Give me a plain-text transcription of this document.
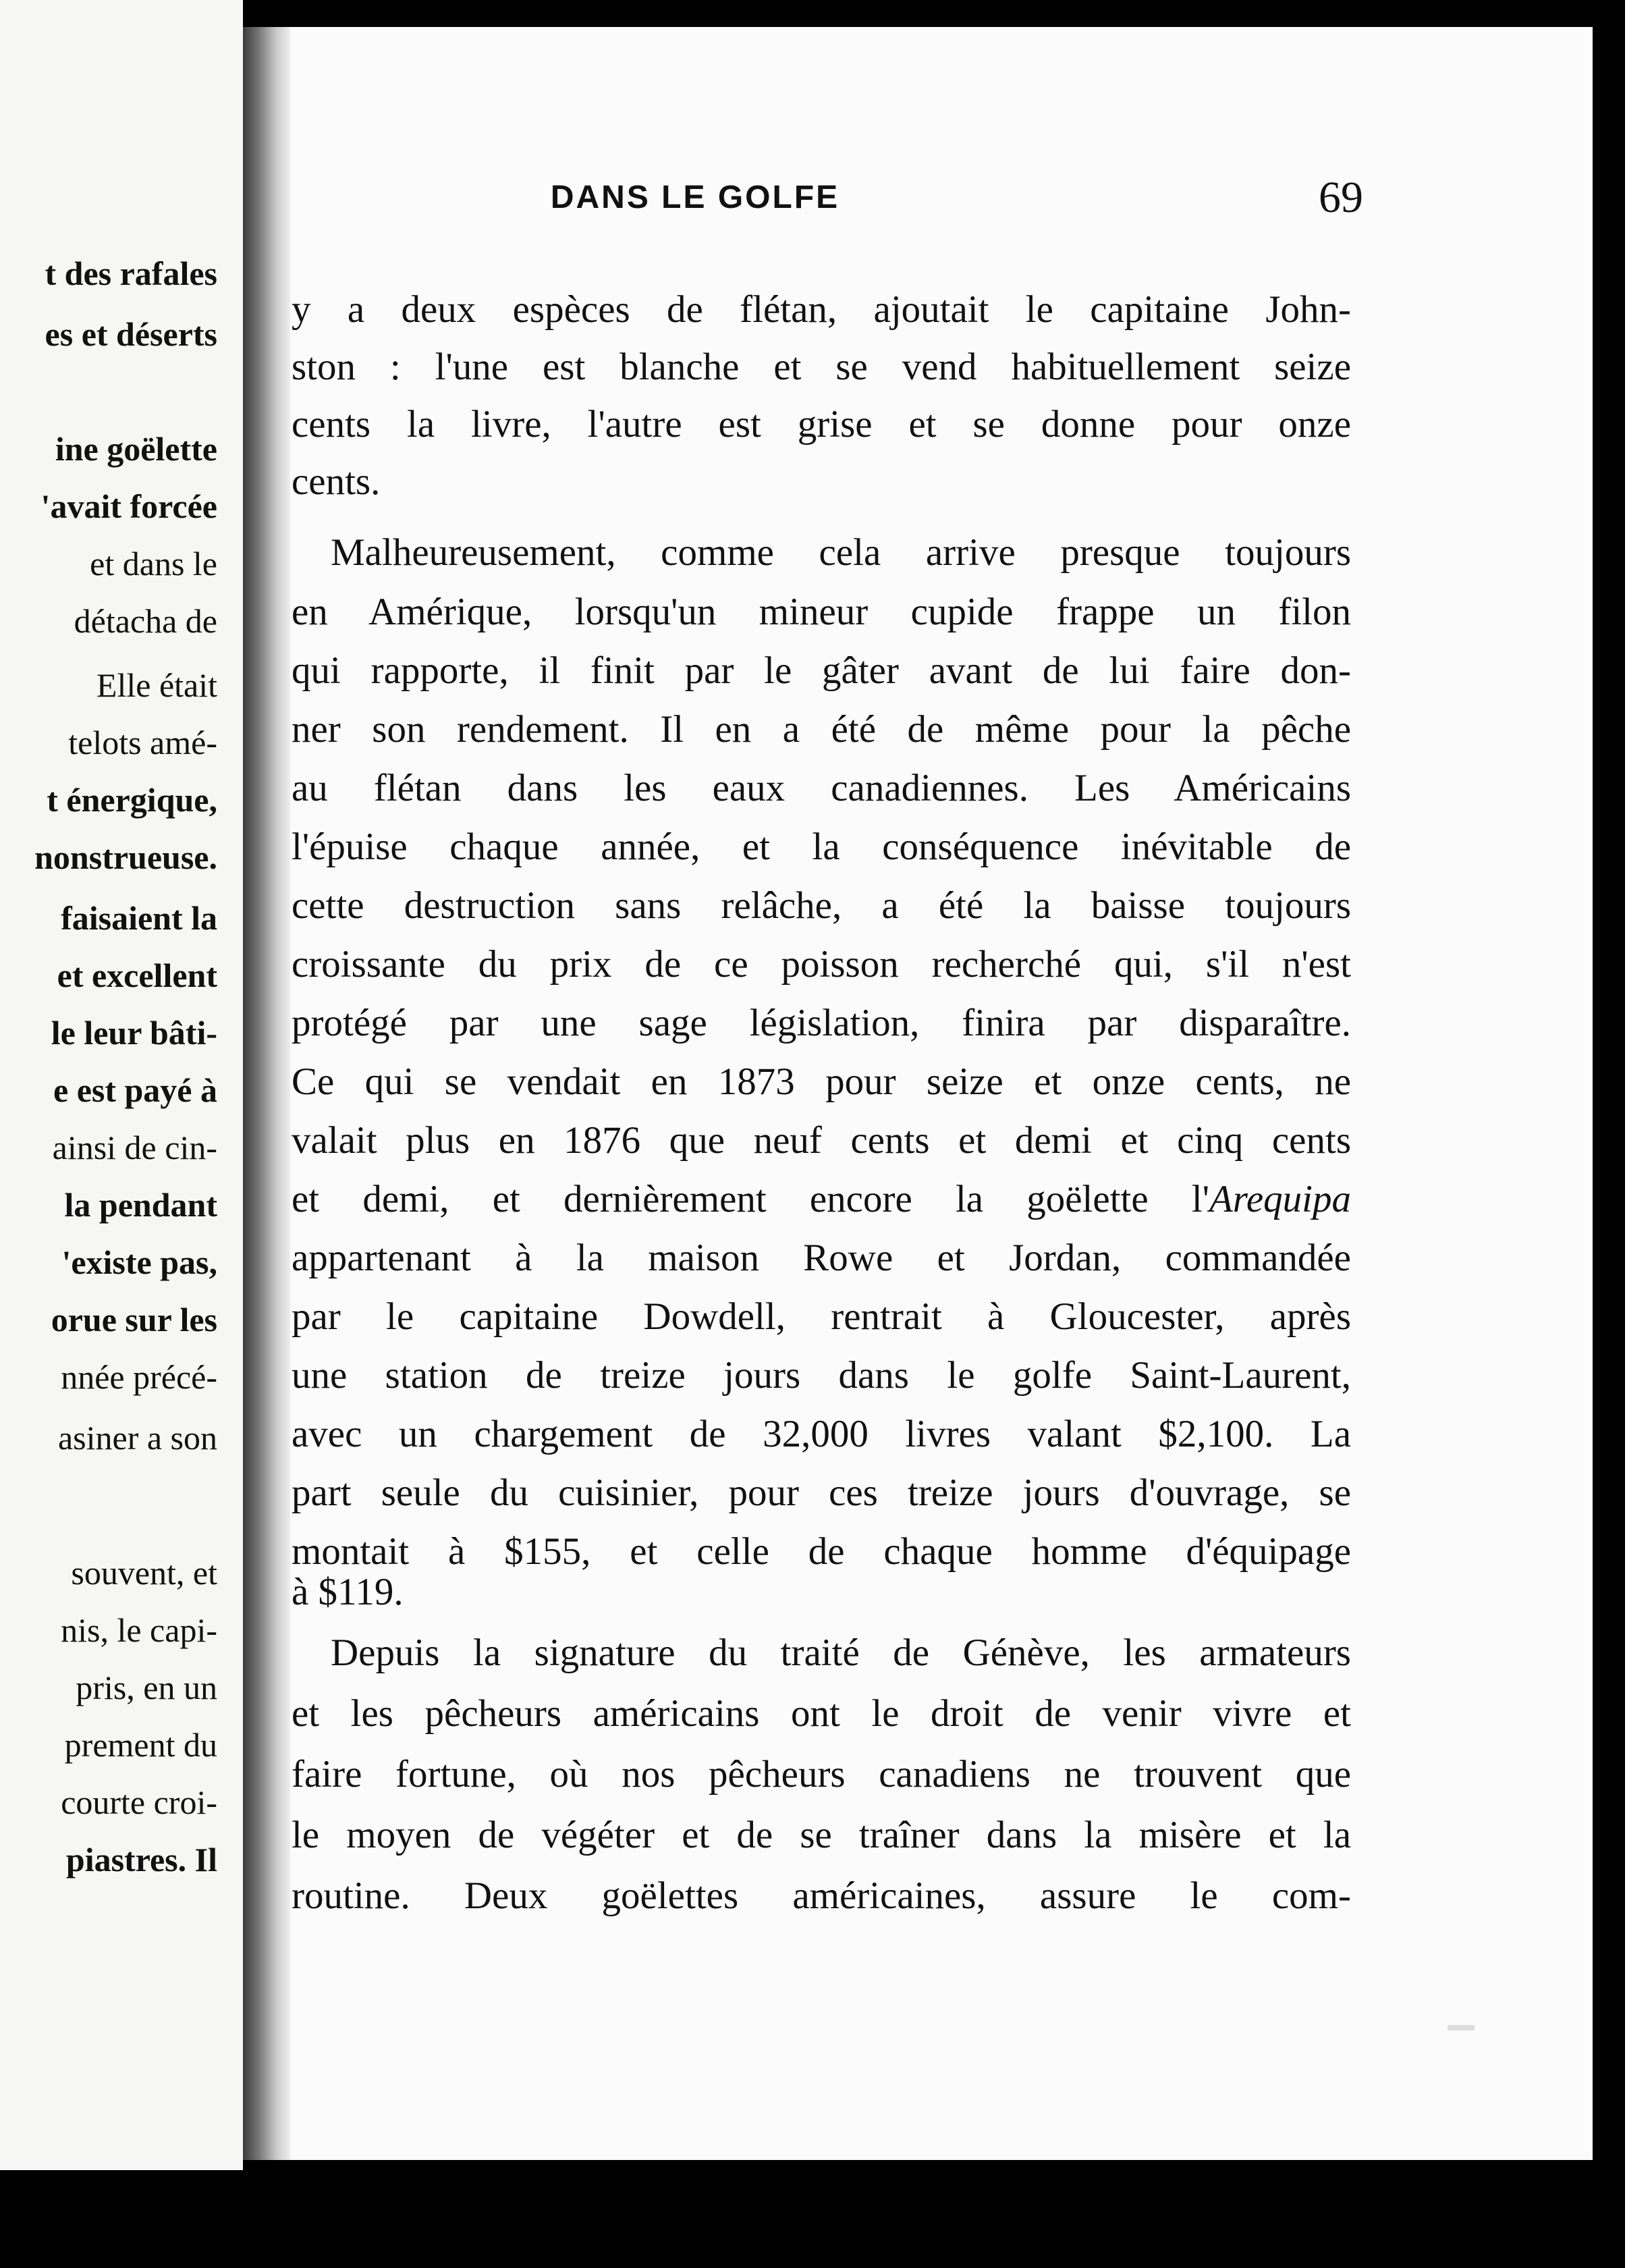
t des rafales
es et déserts
ine goëlette
'avait forcée
et dans le
détacha de
Elle était
telots amé-
t énergique,
nonstrueuse.
faisaient la
et excellent
le leur bâti-
e est payé à
ainsi de cin-
la pendant
'existe pas,
orue sur les
nnée précé-
asiner a son
souvent, et
nis, le capi-
pris, en un
prement du
courte croi-
piastres. Il
DANS LE GOLFE	69
y a deux espèces de flétan, ajoutait le capitaine John-
ston : l'une est blanche et se vend habituellement seize
cents la livre, l'autre est grise et se donne pour onze
cents.
Malheureusement, comme cela arrive presque toujours
en Amérique, lorsqu'un mineur cupide frappe un filon
qui rapporte, il finit par le gâter avant de lui faire don-
ner son rendement. Il en a été de même pour la pêche
au flétan dans les eaux canadiennes. Les Américains
l'épuise chaque année, et la conséquence inévitable de
cette destruction sans relâche, a été la baisse toujours
croissante du prix de ce poisson recherché qui, s'il n'est
protégé par une sage législation, finira par disparaître.
Ce qui se vendait en 1873 pour seize et onze cents, ne
valait plus en 1876 que neuf cents et demi et cinq cents
et demi, et dernièrement encore la goëlette l'Arequipa
appartenant à la maison Rowe et Jordan, commandée
par le capitaine Dowdell, rentrait à Gloucester, après
une station de treize jours dans le golfe Saint-Laurent,
avec un chargement de 32,000 livres valant $2,100. La
part seule du cuisinier, pour ces treize jours d'ouvrage, se
montait à $155, et celle de chaque homme d'équipage
à $119.
Depuis la signature du traité de Génève, les armateurs
et les pêcheurs américains ont le droit de venir vivre et
faire fortune, où nos pêcheurs canadiens ne trouvent que
le moyen de végéter et de se traîner dans la misère et la
routine. Deux goëlettes américaines, assure le com-
